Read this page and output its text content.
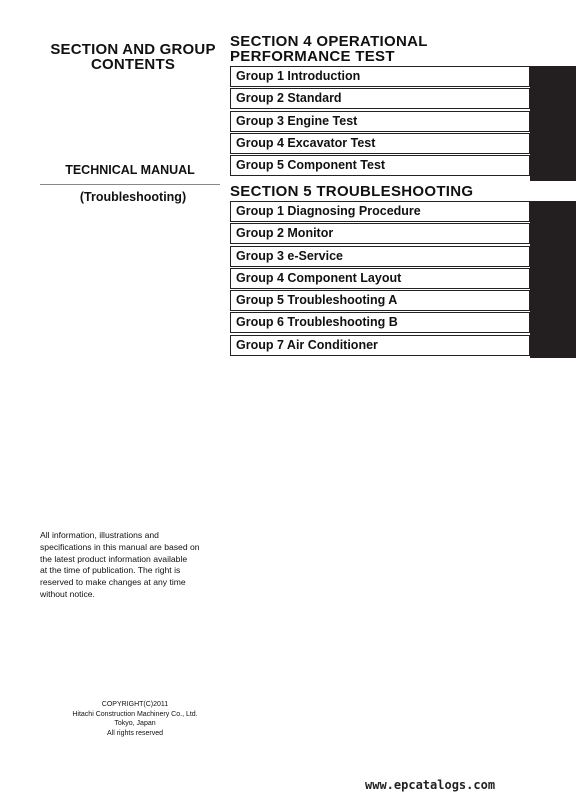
SECTION AND GROUP
CONTENTS
TECHNICAL MANUAL
(Troubleshooting)
SECTION 4 OPERATIONAL
PERFORMANCE TEST
Group 1 Introduction
Group 2 Standard
Group 3 Engine Test
Group 4 Excavator Test
Group 5 Component Test
SECTION 5 TROUBLESHOOTING
Group 1 Diagnosing Procedure
Group 2 Monitor
Group 3 e-Service
Group 4 Component Layout
Group 5 Troubleshooting A
Group 6 Troubleshooting B
Group 7 Air Conditioner
All information, illustrations and
specifications in this manual are based on
the latest product information available
at the time of publication. The right is
reserved to make changes at any time
without notice.
COPYRIGHT(C)2011
Hitachi Construction Machinery Co., Ltd.
Tokyo, Japan
All rights reserved
www.epcatalogs.com
